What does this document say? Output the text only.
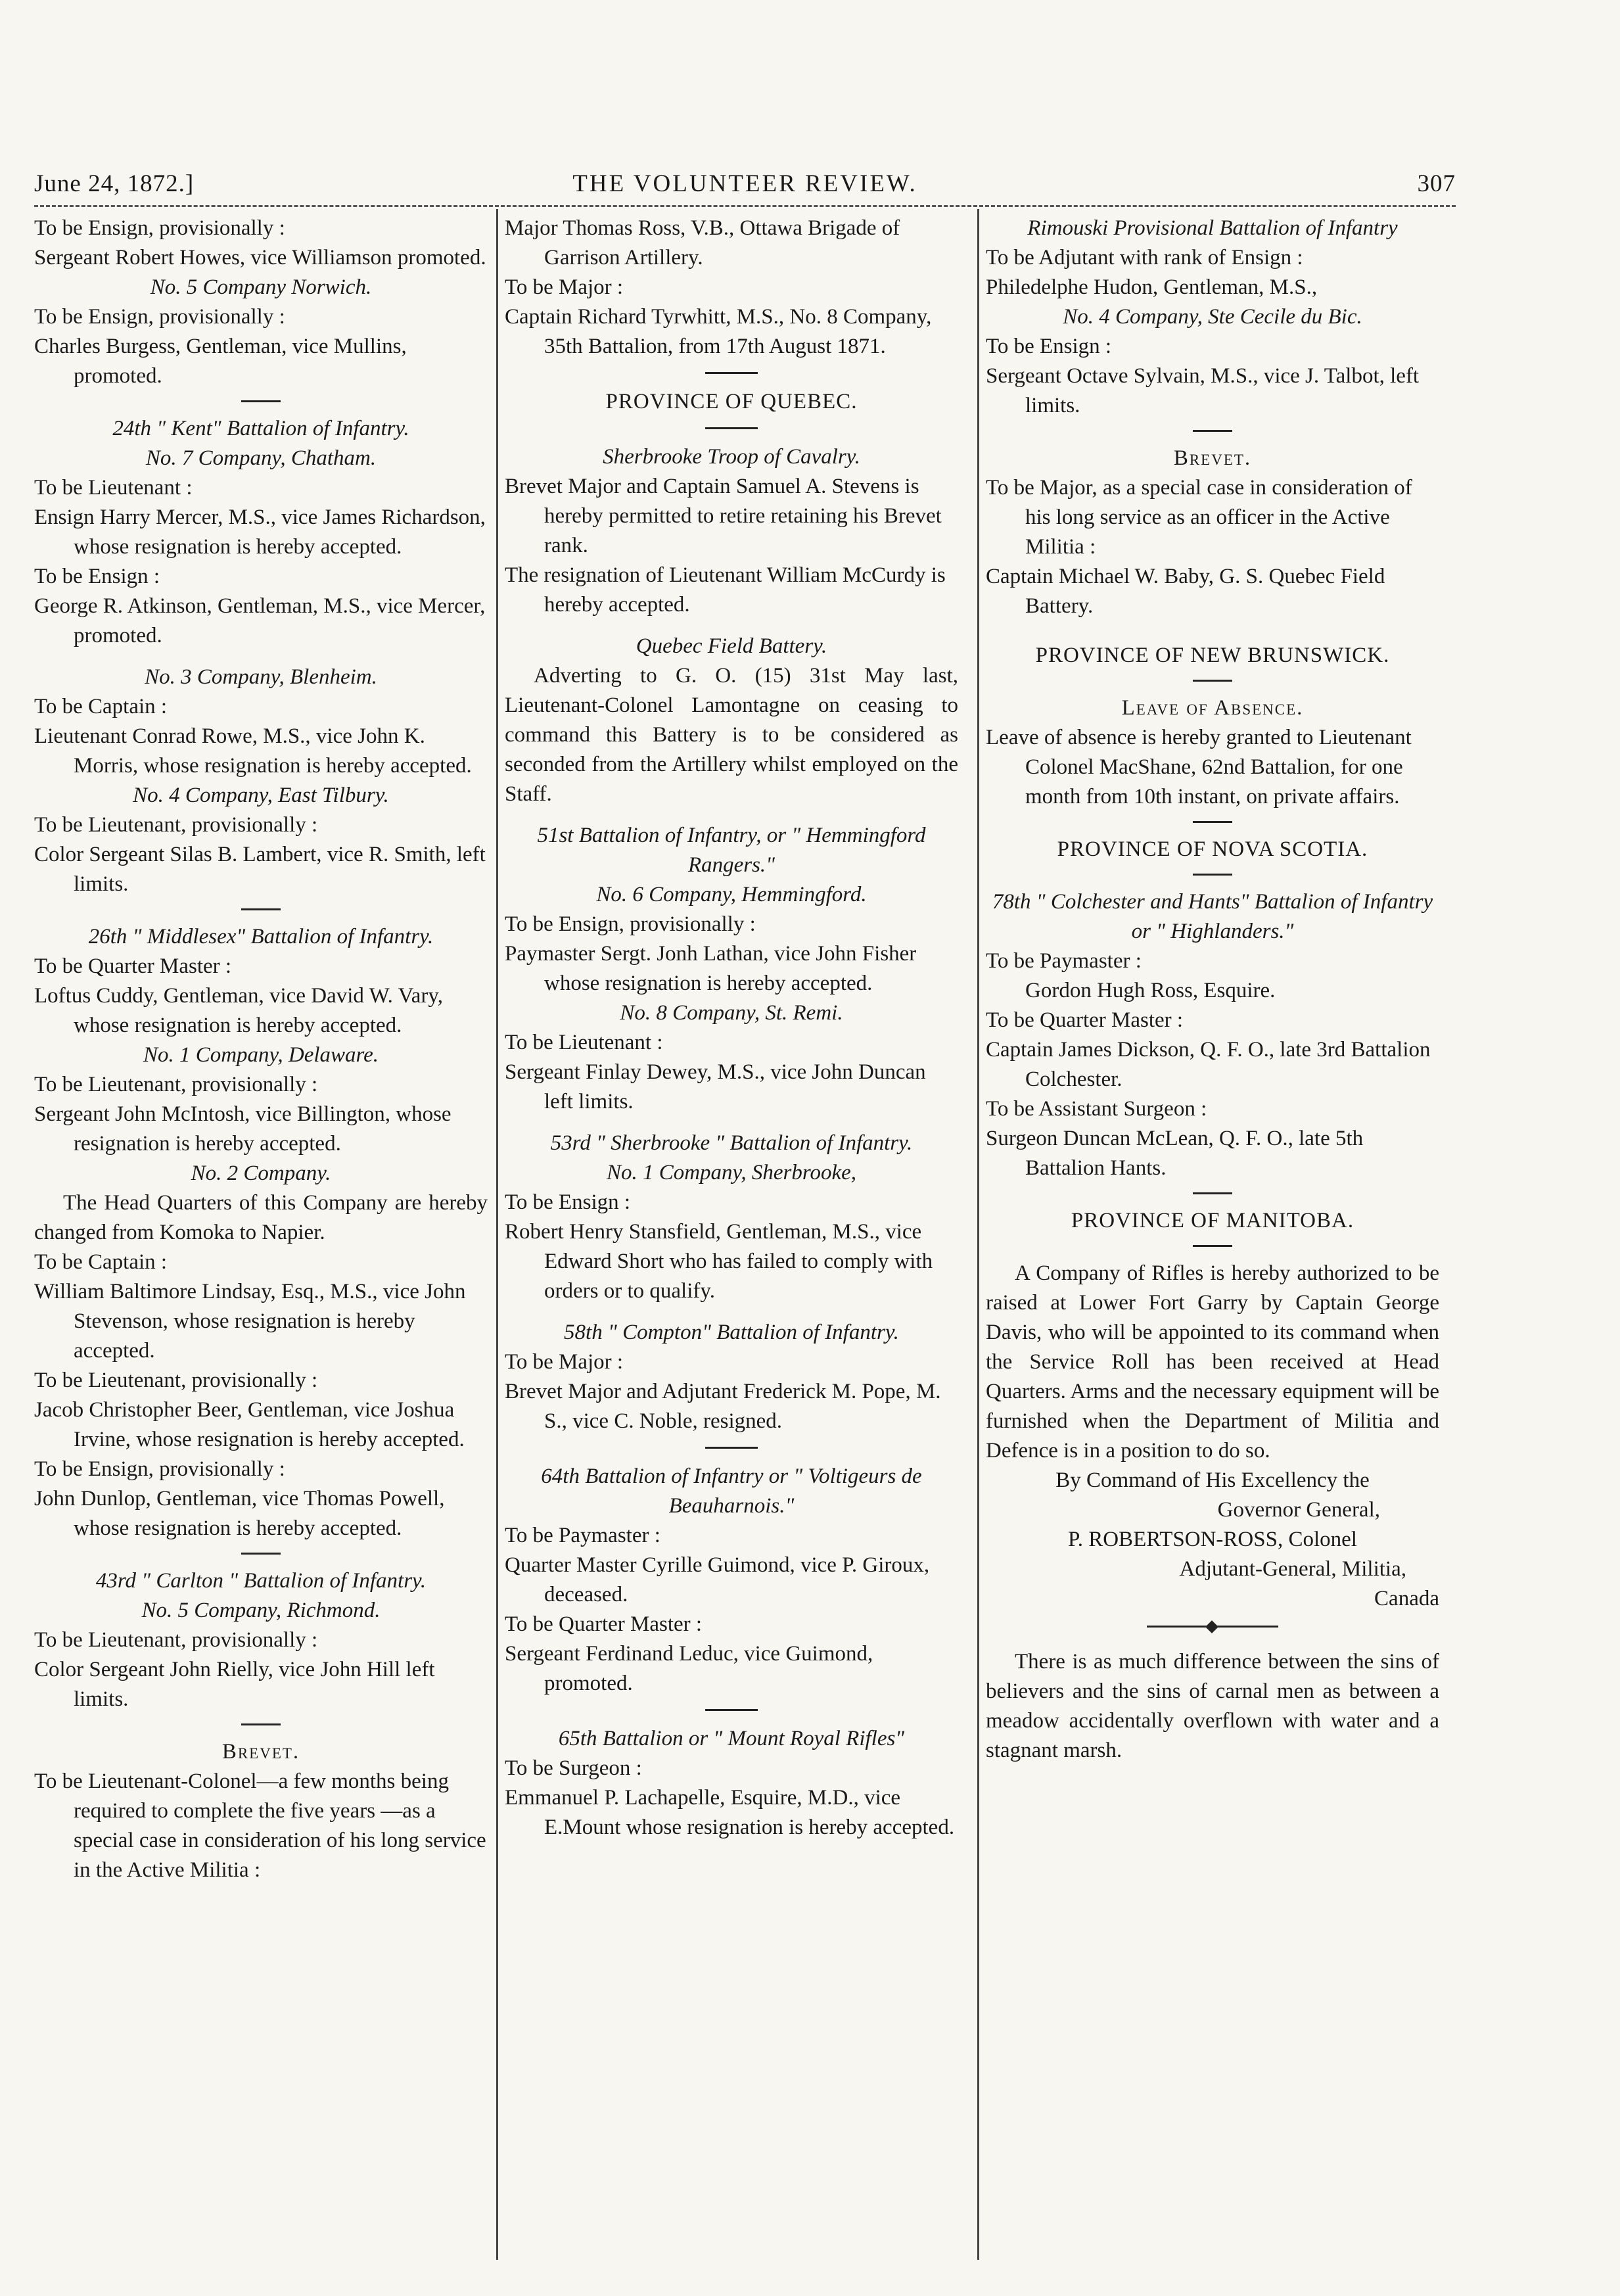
June 24, 1872.]	THE VOLUNTEER REVIEW.	307

To be Ensign, provisionally :

Sergeant Robert Howes, vice Williamson promoted.

No. 5 Company Norwich.

To be Ensign, provisionally :

Charles Burgess, Gentleman, vice Mullins, promoted.

24th " Kent" Battalion of Infantry.

No. 7 Company, Chatham.

To be Lieutenant :

Ensign Harry Mercer, M.S., vice James Richardson, whose resignation is hereby accepted.

To be Ensign :

George R. Atkinson, Gentleman, M.S., vice Mercer, promoted.

No. 3 Company, Blenheim.

To be Captain :

Lieutenant Conrad Rowe, M.S., vice John K. Morris, whose resignation is hereby accepted.

No. 4 Company, East Tilbury.

To be Lieutenant, provisionally :

Color Sergeant Silas B. Lambert, vice R. Smith, left limits.

26th " Middlesex" Battalion of Infantry.

To be Quarter Master :

Loftus Cuddy, Gentleman, vice David W. Vary, whose resignation is hereby accepted.

No. 1 Company, Delaware.

To be Lieutenant, provisionally :

Sergeant John McIntosh, vice Billington, whose resignation is hereby accepted.

No. 2 Company.

The Head Quarters of this Company are hereby changed from Komoka to Napier.

To be Captain :

William Baltimore Lindsay, Esq., M.S., vice John Stevenson, whose resignation is hereby accepted.

To be Lieutenant, provisionally :

Jacob Christopher Beer, Gentleman, vice Joshua Irvine, whose resignation is hereby accepted.

To be Ensign, provisionally :

John Dunlop, Gentleman, vice Thomas Powell, whose resignation is hereby accepted.

43rd " Carlton " Battalion of Infantry.

No. 5 Company, Richmond.

To be Lieutenant, provisionally :

Color Sergeant John Rielly, vice John Hill left limits.

Brevet.

To be Lieutenant-Colonel—a few months being required to complete the five years —as a special case in consideration of his long service in the Active Militia :

Major Thomas Ross, V.B., Ottawa Brigade of Garrison Artillery.

To be Major :

Captain Richard Tyrwhitt, M.S., No. 8 Company, 35th Battalion, from 17th August 1871.

PROVINCE OF QUEBEC.

Sherbrooke Troop of Cavalry.

Brevet Major and Captain Samuel A. Stevens is hereby permitted to retire retaining his Brevet rank.

The resignation of Lieutenant William McCurdy is hereby accepted.

Quebec Field Battery.

Adverting to G. O. (15) 31st May last, Lieutenant-Colonel Lamontagne on ceasing to command this Battery is to be considered as seconded from the Artillery whilst employed on the Staff.

51st Battalion of Infantry, or " Hemmingford Rangers."

No. 6 Company, Hemmingford.

To be Ensign, provisionally :

Paymaster Sergt. Jonh Lathan, vice John Fisher whose resignation is hereby accepted.

No. 8 Company, St. Remi.

To be Lieutenant :

Sergeant Finlay Dewey, M.S., vice John Duncan left limits.

53rd " Sherbrooke " Battalion of Infantry.

No. 1 Company, Sherbrooke,

To be Ensign :

Robert Henry Stansfield, Gentleman, M.S., vice Edward Short who has failed to comply with orders or to qualify.

58th " Compton" Battalion of Infantry.

To be Major :

Brevet Major and Adjutant Frederick M. Pope, M. S., vice C. Noble, resigned.

64th Battalion of Infantry or " Voltigeurs de Beauharnois."

To be Paymaster :

Quarter Master Cyrille Guimond, vice P. Giroux, deceased.

To be Quarter Master :

Sergeant Ferdinand Leduc, vice Guimond, promoted.

65th Battalion or " Mount Royal Rifles"

To be Surgeon :

Emmanuel P. Lachapelle, Esquire, M.D., vice E.Mount whose resignation is hereby accepted.

Rimouski Provisional Battalion of Infantry

To be Adjutant with rank of Ensign :

Philedelphe Hudon, Gentleman, M.S.,

No. 4 Company, Ste Cecile du Bic.

To be Ensign :

Sergeant Octave Sylvain, M.S., vice J. Talbot, left limits.

Brevet.

To be Major, as a special case in consideration of his long service as an officer in the Active Militia :

Captain Michael W. Baby, G. S. Quebec Field Battery.

PROVINCE OF NEW BRUNSWICK.

Leave of Absence.

Leave of absence is hereby granted to Lieutenant Colonel MacShane, 62nd Battalion, for one month from 10th instant, on private affairs.

PROVINCE OF NOVA SCOTIA.

78th " Colchester and Hants" Battalion of Infantry or " Highlanders."

To be Paymaster :

Gordon Hugh Ross, Esquire.

To be Quarter Master :

Captain James Dickson, Q. F. O., late 3rd Battalion Colchester.

To be Assistant Surgeon :

Surgeon Duncan McLean, Q. F. O., late 5th Battalion Hants.

PROVINCE OF MANITOBA.

A Company of Rifles is hereby authorized to be raised at Lower Fort Garry by Captain George Davis, who will be appointed to its command when the Service Roll has been received at Head Quarters. Arms and the necessary equipment will be furnished when the Department of Militia and Defence is in a position to do so.

By Command of His Excellency the

Governor General,

P. ROBERTSON-ROSS, Colonel

Adjutant-General, Militia,

Canada

There is as much difference between the sins of believers and the sins of carnal men as between a meadow accidentally overflown with water and a stagnant marsh.
